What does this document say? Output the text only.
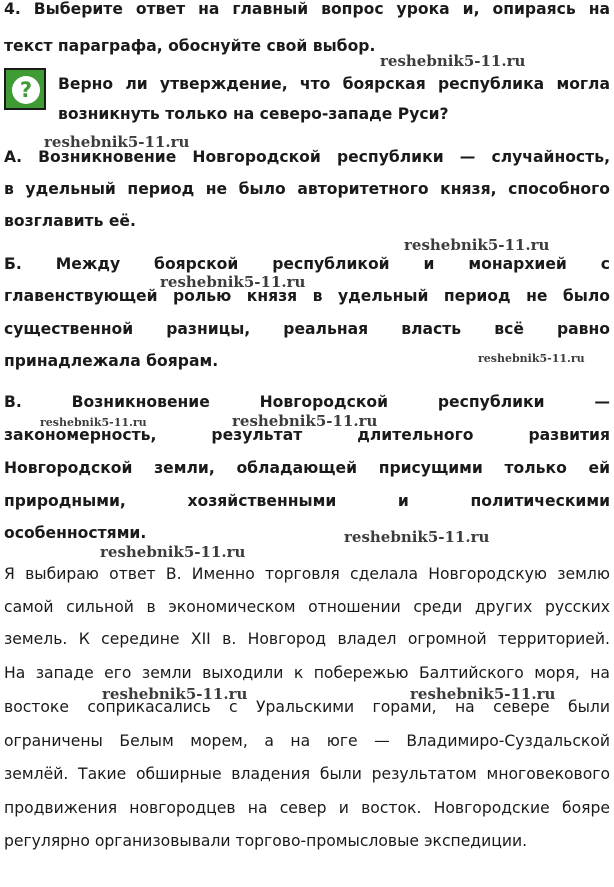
4. Выберите ответ на главный вопрос урока и, опираясь на
текст параграфа, обоснуйте свой выбор.
?	Верно ли утверждение, что боярская республика могла
возникнуть только на северо-западе Руси?
А. Возникновение Новгородской республики — случайность,
в удельный период не было авторитетного князя, способного
возглавить её.
Б. Между боярской республикой и монархией с
главенствующей ролью князя в удельный период не было
существенной разницы, реальная власть всё равно
принадлежала боярам.
В. Возникновение Новгородской республики —
закономерность, результат длительного развития
Новгородской земли, обладающей присущими только ей
природными, хозяйственными и политическими
особенностями.
Я выбираю ответ В. Именно торговля сделала Новгородскую землю
самой сильной в экономическом отношении среди других русских
земель. К середине XII в. Новгород владел огромной территорией.
На западе его земли выходили к побережью Балтийского моря, на
востоке соприкасались с Уральскими горами, на севере были
ограничены Белым морем, а на юге — Владимиро-Суздальской
землёй. Такие обширные владения были результатом многовекового
продвижения новгородцев на север и восток. Новгородские бояре
регулярно организовывали торгово-промысловые экспедиции.
reshebnik5-11.ru
reshebnik5-11.ru
reshebnik5-11.ru
reshebnik5-11.ru
reshebnik5-11.ru
reshebnik5-11.ru	reshebnik5-11.ru
reshebnik5-11.ru
reshebnik5-11.ru
reshebnik5-11.ru	reshebnik5-11.ru
